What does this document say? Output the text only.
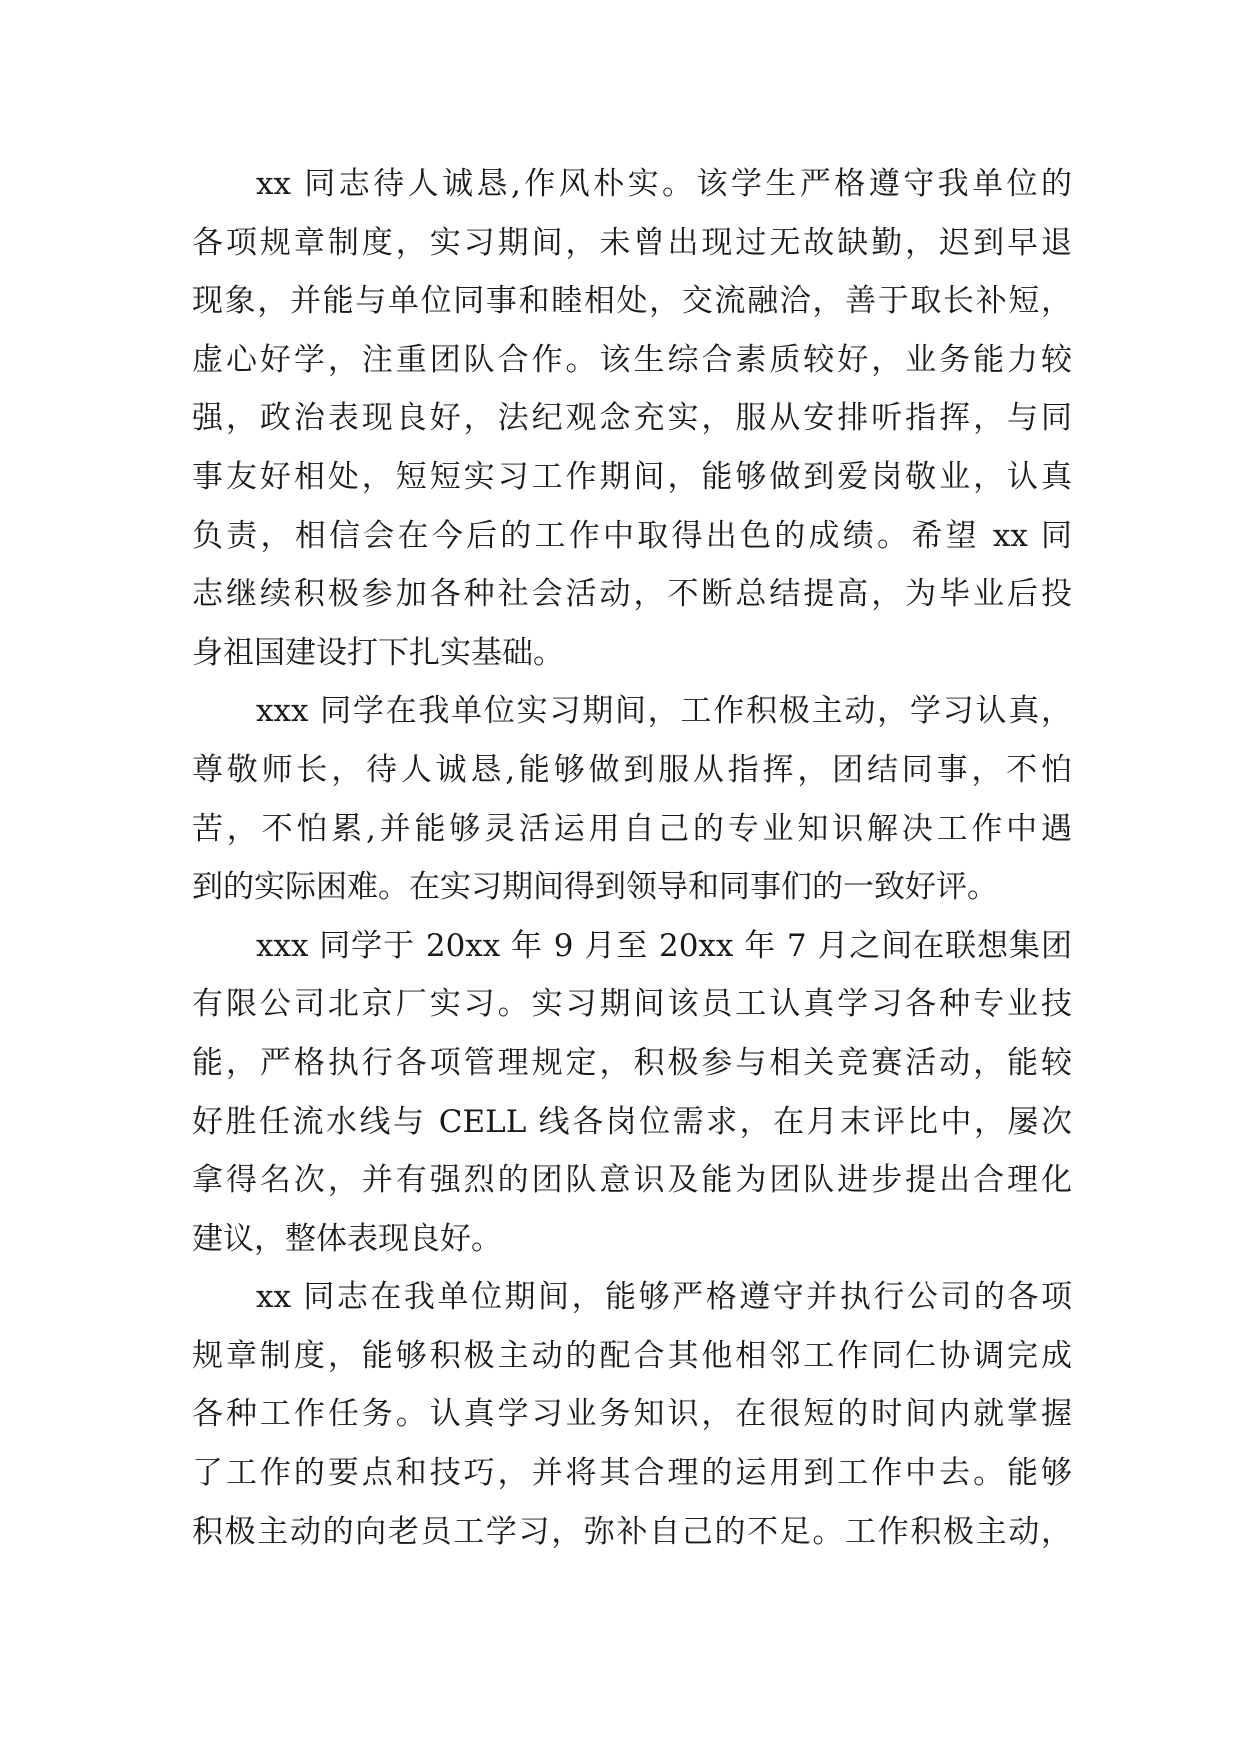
xx 同志待人诚恳,作风朴实。该学生严格遵守我单位的
各项规章制度，实习期间，未曾出现过无故缺勤，迟到早退
现象，并能与单位同事和睦相处，交流融洽，善于取长补短，
虚心好学，注重团队合作。该生综合素质较好，业务能力较
强，政治表现良好，法纪观念充实，服从安排听指挥，与同
事友好相处，短短实习工作期间，能够做到爱岗敬业，认真
负责，相信会在今后的工作中取得出色的成绩。希望 xx 同
志继续积极参加各种社会活动，不断总结提高，为毕业后投
身祖国建设打下扎实基础。
xxx 同学在我单位实习期间，工作积极主动，学习认真，
尊敬师长，待人诚恳,能够做到服从指挥，团结同事，不怕
苦，不怕累,并能够灵活运用自己的专业知识解决工作中遇
到的实际困难。在实习期间得到领导和同事们的一致好评。
xxx 同学于 20xx 年 9 月至 20xx 年 7 月之间在联想集团
有限公司北京厂实习。实习期间该员工认真学习各种专业技
能，严格执行各项管理规定，积极参与相关竞赛活动，能较
好胜任流水线与 CELL 线各岗位需求，在月末评比中，屡次
拿得名次，并有强烈的团队意识及能为团队进步提出合理化
建议，整体表现良好。
xx 同志在我单位期间，能够严格遵守并执行公司的各项
规章制度，能够积极主动的配合其他相邻工作同仁协调完成
各种工作任务。认真学习业务知识，在很短的时间内就掌握
了工作的要点和技巧，并将其合理的运用到工作中去。能够
积极主动的向老员工学习，弥补自己的不足。工作积极主动，
